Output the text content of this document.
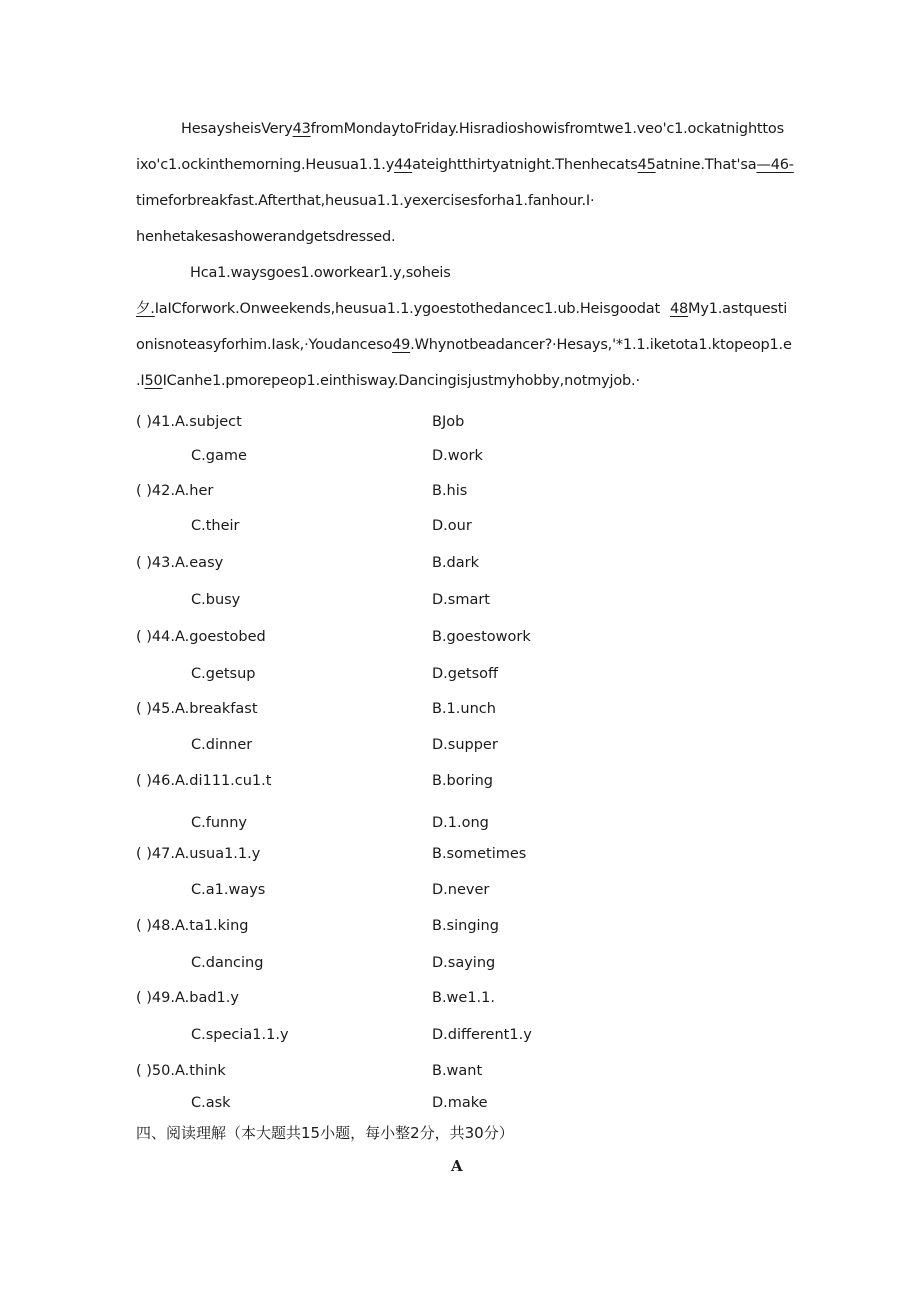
HesaysheisVery43fromMondaytoFriday.Hisradioshowisfromtwe1.veo'c1.ockatnighttos
ixo'c1.ockinthemorning.Heusua1.1.y44ateightthirtyatnight.Thenhecats45atnine.That'sa—46-
timeforbreakfast.Afterthat,heusua1.1.yexercisesforha1.fanhour.I·
henhetakesashowerandgetsdressed.
Hca1.waysgoes1.oworkear1.y,soheis
夕.IaICforwork.Onweekends,heusua1.1.ygoestothedancec1.ub.Heisgoodat 48My1.astquesti
onisnoteasyforhim.Iask,·Youdanceso49.Whynotbeadancer?·Hesays,'*1.1.iketota1.ktopeop1.e
.I50ICanhe1.pmorepeop1.einthisway.Dancingisjustmyhobby,notmyjob.·
( )41.A.subject	BJob
C.game	D.work
( )42.A.her	B.his
C.their	D.our
( )43.A.easy	B.dark
C.busy	D.smart
( )44.A.goestobed	B.goestowork
C.getsup	D.getsoff
( )45.A.breakfast	B.1.unch
C.dinner	D.supper
( )46.A.di111.cu1.t	B.boring
C.funny	D.1.ong
( )47.A.usua1.1.y	B.sometimes
C.a1.ways	D.never
( )48.A.ta1.king	B.singing
C.dancing	D.saying
( )49.A.bad1.y	B.we1.1.
C.specia1.1.y	D.different1.y
( )50.A.think	B.want
C.ask	D.make
四、阅读理解（本大题共15小题，每小整2分，共30分）
A
